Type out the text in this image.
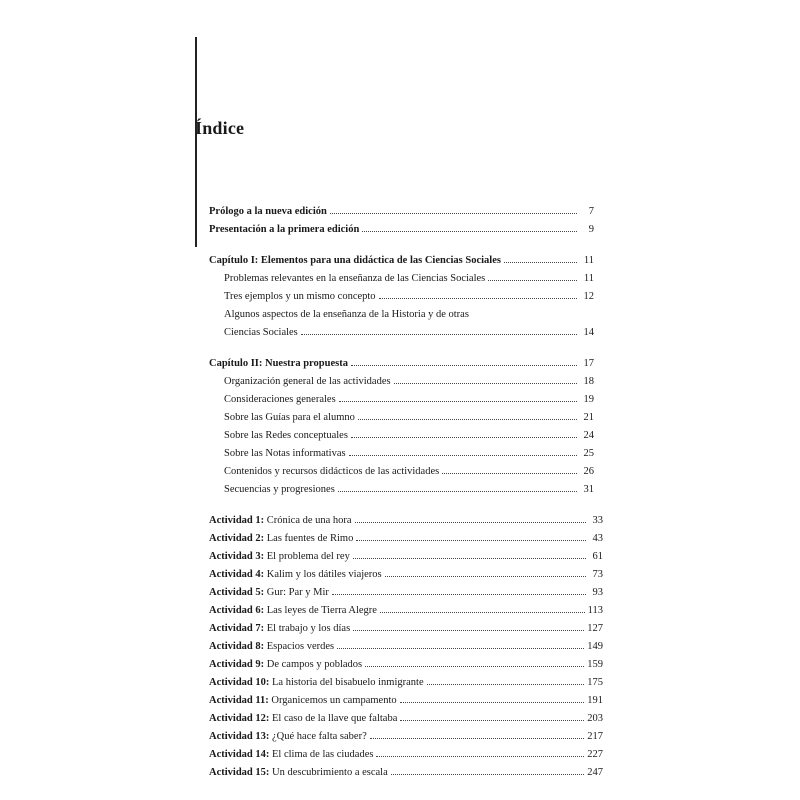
Índice
Prólogo a la nueva edición	7
Presentación a la primera edición	9
Capítulo I: Elementos para una didáctica de las Ciencias Sociales	11
Problemas relevantes en la enseñanza de las Ciencias Sociales	11
Tres ejemplos y un mismo concepto	12
Algunos aspectos de la enseñanza de la Historia y de otras
Ciencias Sociales	14
Capítulo II: Nuestra propuesta	17
Organización general de las actividades	18
Consideraciones generales	19
Sobre las Guías para el alumno	21
Sobre las Redes conceptuales	24
Sobre las Notas informativas	25
Contenidos y recursos didácticos de las actividades	26
Secuencias y progresiones	31
Actividad 1: Crónica de una hora	33
Actividad 2: Las fuentes de Rimo	43
Actividad 3: El problema del rey	61
Actividad 4: Kalim y los dátiles viajeros	73
Actividad 5: Gur: Par y Mir	93
Actividad 6: Las leyes de Tierra Alegre	113
Actividad 7: El trabajo y los días	127
Actividad 8: Espacios verdes	149
Actividad 9: De campos y poblados	159
Actividad 10: La historia del bisabuelo inmigrante	175
Actividad 11: Organicemos un campamento	191
Actividad 12: El caso de la llave que faltaba	203
Actividad 13: ¿Qué hace falta saber?	217
Actividad 14: El clima de las ciudades	227
Actividad 15: Un descubrimiento a escala	247
